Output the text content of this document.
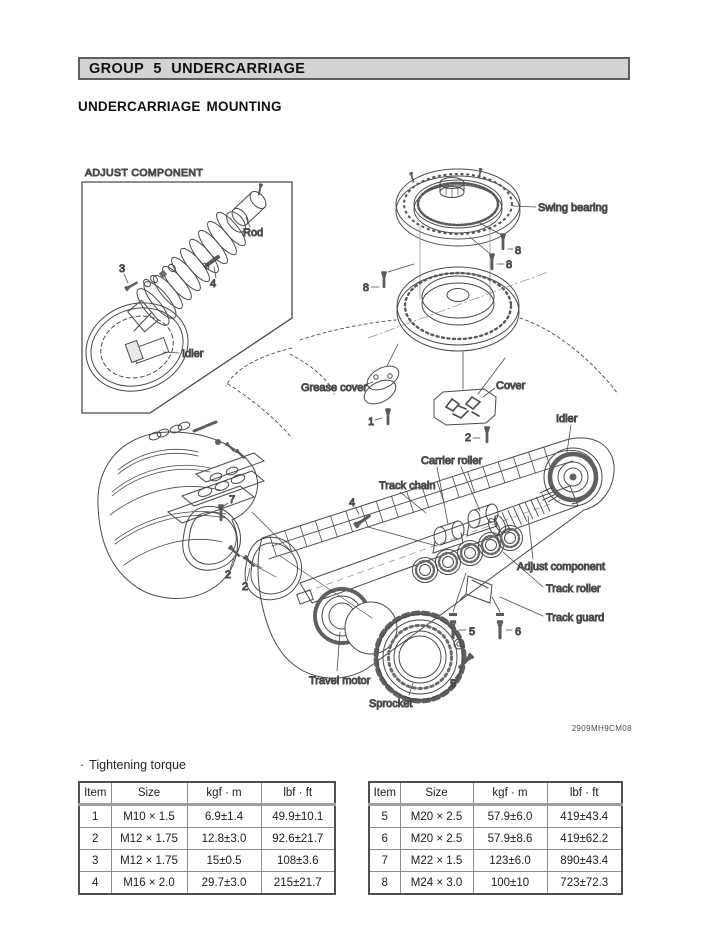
ADJUST COMPONENT
Rod
3
4
Idler
Swing bearing
8
8
8
Grease cover
1
Cover
2
5	6
5
4
Idler
Carrier roller
Track chain
Adjust component
Track roller
Track guard
Travel motor
Sprocket
7
2
2
GROUP 5 UNDERCARRIAGE
UNDERCARRIAGE MOUNTING
2909MH9CM08
· Tightening torque
Item	Size	kgf · m	lbf · ft
1	M10 × 1.5	6.9±1.4	49.9±10.1
2	M12 × 1.75	12.8±3.0	92.6±21.7
3	M12 × 1.75	15±0.5	108±3.6
4	M16 × 2.0	29.7±3.0	215±21.7
Item	Size	kgf · m	lbf · ft
5	M20 × 2.5	57.9±6.0	419±43.4
6	M20 × 2.5	57.9±8.6	419±62.2
7	M22 × 1.5	123±6.0	890±43.4
8	M24 × 3.0	100±10	723±72.3
